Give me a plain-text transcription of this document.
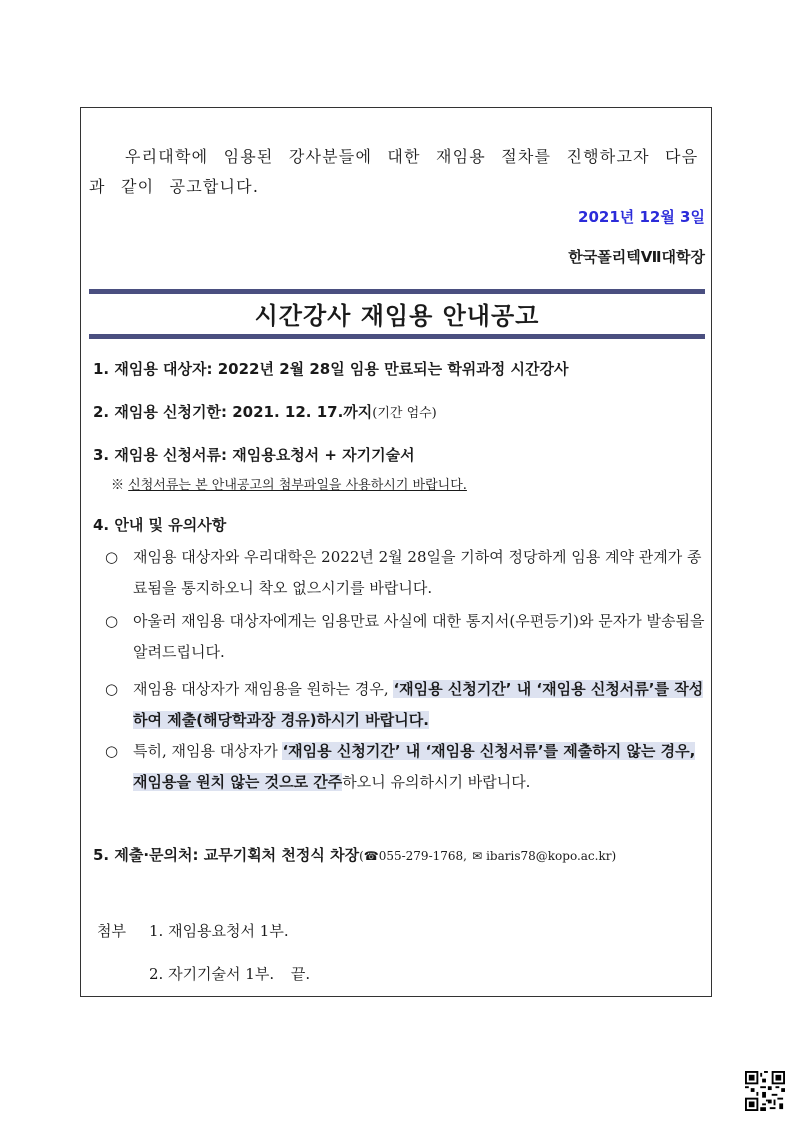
우리대학에 임용된 강사분들에 대한 재임용 절차를 진행하고자 다음과 같이 공고합니다.
2021년 12월 3일
한국폴리텍Ⅶ대학장
시간강사 재임용 안내공고
1. 재임용 대상자: 2022년 2월 28일 임용 만료되는 학위과정 시간강사
2. 재임용 신청기한: 2021. 12. 17.까지(기간 엄수)
3. 재임용 신청서류: 재임용요청서 + 자기기술서
※ 신청서류는 본 안내공고의 첨부파일을 사용하시기 바랍니다.
4. 안내 및 유의사항
○ 재임용 대상자와 우리대학은 2022년 2월 28일을 기하여 정당하게 임용 계약 관계가 종료됨을 통지하오니 착오 없으시기를 바랍니다.
○ 아울러 재임용 대상자에게는 임용만료 사실에 대한 통지서(우편등기)와 문자가 발송됨을 알려드립니다.
○ 재임용 대상자가 재임용을 원하는 경우, ‘재임용 신청기간’ 내 ‘재임용 신청서류’를 작성하여 제출(해당학과장 경유)하시기 바랍니다.
○ 특히, 재임용 대상자가 ‘재임용 신청기간’ 내 ‘재임용 신청서류’를 제출하지 않는 경우, 재임용을 원치 않는 것으로 간주하오니 유의하시기 바랍니다.
5. 제출·문의처: 교무기획처 천정식 차장(☎055-279-1768, ✉ ibaris78@kopo.ac.kr)
첨부 1. 재임용요청서 1부.
2. 자기기술서 1부. 끝.
